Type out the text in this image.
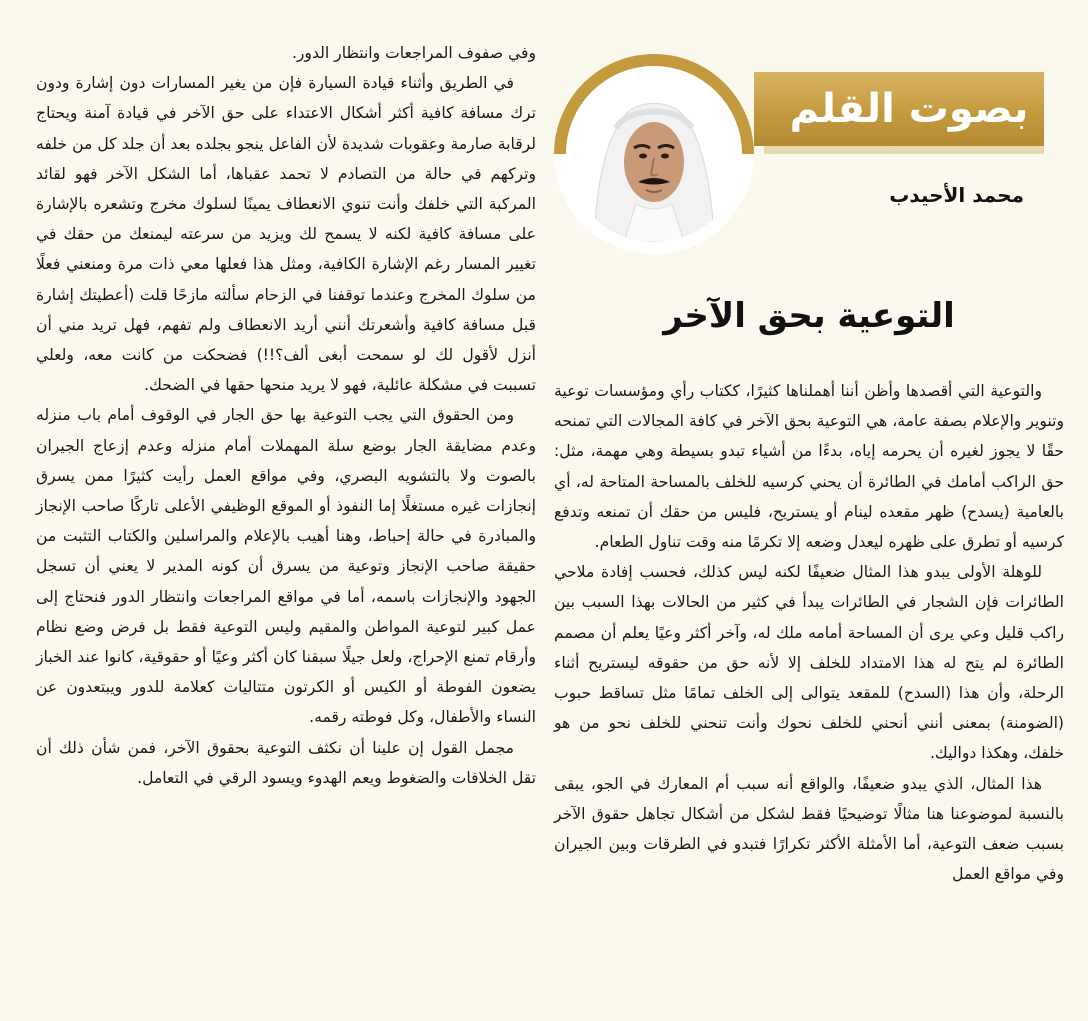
وفي صفوف المراجعات وانتظار الدور.

في الطريق وأثناء قيادة السيارة فإن من يغير المسارات دون إشارة ودون ترك مسافة كافية أكثر أشكال الاعتداء على حق الآخر في قيادة آمنة ويحتاج لرقابة صارمة وعقوبات شديدة لأن الفاعل ينجو بجلده بعد أن جلد كل من خلفه وتركهم في حالة من التصادم لا تحمد عقباها، أما الشكل الآخر فهو لقائد المركبة التي خلفك وأنت تنوي الانعطاف يمينًا لسلوك مخرج وتشعره بالإشارة على مسافة كافية لكنه لا يسمح لك ويزيد من سرعته ليمنعك من حقك في تغيير المسار رغم الإشارة الكافية، ومثل هذا فعلها معي ذات مرة ومنعني فعلًا من سلوك المخرج وعندما توقفنا في الزحام سألته مازحًا قلت (أعطيتك إشارة قبل مسافة كافية وأشعرتك أنني أريد الانعطاف ولم تفهم، فهل تريد مني أن أنزل لأقول لك لو سمحت أبغى ألف؟!!) فضحكت من كانت معه، ولعلي تسببت في مشكلة عائلية، فهو لا يريد منحها حقها في الضحك.

ومن الحقوق التي يجب التوعية بها حق الجار في الوقوف أمام باب منزله وعدم مضايقة الجار بوضع سلة المهملات أمام منزله وعدم إزعاج الجيران بالصوت ولا بالتشويه البصري، وفي مواقع العمل رأيت كثيرًا ممن يسرق إنجازات غيره مستغلًا إما النفوذ أو الموقع الوظيفي الأعلى تاركًا صاحب الإنجاز والمبادرة في حالة إحباط، وهنا أهيب بالإعلام والمراسلين والكتاب التثبت من حقيقة صاحب الإنجاز وتوعية من يسرق أن كونه المدير لا يعني أن تسجل الجهود والإنجازات باسمه، أما في مواقع المراجعات وانتظار الدور فنحتاج إلى عمل كبير لتوعية المواطن والمقيم وليس التوعية فقط بل فرض وضع نظام وأرقام تمنع الإحراج، ولعل جيلًا سبقنا كان أكثر وعيًا أو حقوقية، كانوا عند الخباز يضعون الفوطة أو الكيس أو الكرتون متتاليات كعلامة للدور ويبتعدون عن النساء والأطفال، وكل فوطته رقمه.

مجمل القول إن علينا أن نكثف التوعية بحقوق الآخر، فمن شأن ذلك أن تقل الخلافات والضغوط ويعم الهدوء ويسود الرقي في التعامل.

بصوت القلم
محمد الأحيدب
التوعية بحق الآخر

والتوعية التي أقصدها وأظن أننا أهملناها كثيرًا، ككتاب رأي ومؤسسات توعية وتنوير والإعلام بصفة عامة، هي التوعية بحق الآخر في كافة المجالات التي تمنحه حقًا لا يجوز لغيره أن يحرمه إياه، بدءًا من أشياء تبدو بسيطة وهي مهمة، مثل: حق الراكب أمامك في الطائرة أن يحني كرسيه للخلف بالمساحة المتاحة له، أي بالعامية (يسدح) ظهر مقعده لينام أو يستريح، فليس من حقك أن تمنعه وتدفع كرسيه أو تطرق على ظهره ليعدل وضعه إلا تكرمًا منه وقت تناول الطعام.

للوهلة الأولى يبدو هذا المثال ضعيفًا لكنه ليس كذلك، فحسب إفادة ملاحي الطائرات فإن الشجار في الطائرات يبدأ في كثير من الحالات بهذا السبب بين راكب قليل وعي يرى أن المساحة أمامه ملك له، وآخر أكثر وعيًا يعلم أن مصمم الطائرة لم يتح له هذا الامتداد للخلف إلا لأنه حق من حقوقه ليستريح أثناء الرحلة، وأن هذا (السدح) للمقعد يتوالى إلى الخلف تمامًا مثل تساقط حبوب (الضومنة) بمعنى أنني أنحني للخلف نحوك وأنت تنحني للخلف نحو من هو خلفك، وهكذا دواليك.

هذا المثال، الذي يبدو ضعيفًا، والواقع أنه سبب أم المعارك في الجو، يبقى بالنسبة لموضوعنا هنا مثالًا توضيحيًا فقط لشكل من أشكال تجاهل حقوق الآخر بسبب ضعف التوعية، أما الأمثلة الأكثر تكرارًا فتبدو في الطرقات وبين الجيران وفي مواقع العمل
